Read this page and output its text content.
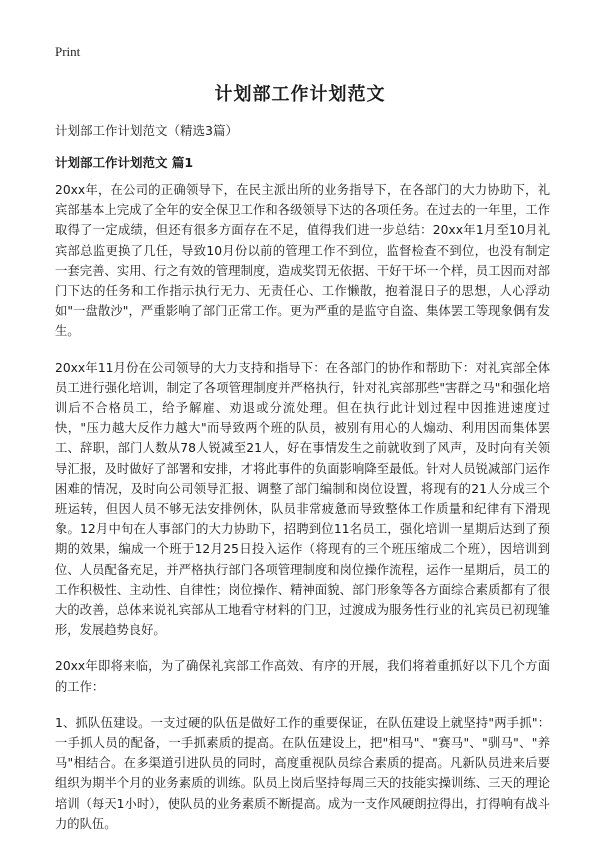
Print
计划部工作计划范文
计划部工作计划范文（精选3篇）
计划部工作计划范文 篇1

20xx年，在公司的正确领导下，在民主派出所的业务指导下，在各部门的大力协助下，礼宾部基本上完成了全年的安全保卫工作和各级领导下达的各项任务。在过去的一年里，工作取得了一定成绩，但还有很多方面存在不足，值得我们进一步总结：20xx年1月至10月礼宾部总监更换了几任，导致10月份以前的管理工作不到位，监督检查不到位，也没有制定一套完善、实用、行之有效的管理制度，造成奖罚无依据、干好干坏一个样，员工因而对部门下达的任务和工作指示执行无力、无责任心、工作懒散，抱着混日子的思想，人心浮动如"一盘散沙"，严重影响了部门正常工作。更为严重的是监守自盗、集体罢工等现象偶有发生。

20xx年11月份在公司领导的大力支持和指导下：在各部门的协作和帮助下：对礼宾部全体员工进行强化培训，制定了各项管理制度并严格执行，针对礼宾部那些"害群之马"和强化培训后不合格员工，给予解雇、劝退或分流处理。但在执行此计划过程中因推进速度过快，"压力越大反作力越大"而导致两个班的队员，被别有用心的人煽动、利用因而集体罢工、辞职，部门人数从78人锐减至21人，好在事情发生之前就收到了风声，及时向有关领导汇报，及时做好了部署和安排，才将此事件的负面影响降至最低。针对人员锐减部门运作困难的情况，及时向公司领导汇报、调整了部门编制和岗位设置，将现有的21人分成三个班运转，但因人员不够无法安排例休，队员非常疲惫而导致整体工作质量和纪律有下滑现象。12月中旬在人事部门的大力协助下，招聘到位11名员工，强化培训一星期后达到了预期的效果，编成一个班于12月25日投入运作（将现有的三个班压缩成二个班），因培训到位、人员配备充足，并严格执行部门各项管理制度和岗位操作流程，运作一星期后，员工的工作积极性、主动性、自律性；岗位操作、精神面貌、部门形象等各方面综合素质都有了很大的改善，总体来说礼宾部从工地看守材料的门卫，过渡成为服务性行业的礼宾员已初现雏形，发展趋势良好。

20xx年即将来临，为了确保礼宾部工作高效、有序的开展，我们将着重抓好以下几个方面的工作：

1、抓队伍建设。一支过硬的队伍是做好工作的重要保证，在队伍建设上就坚持"两手抓"：一手抓人员的配备，一手抓素质的提高。在队伍建设上，把"相马"、"赛马"、"驯马"、"养马"相结合。在多渠道引进队员的同时，高度重视队员综合素质的提高。凡新队员进来后要组织为期半个月的业务素质的训练。队员上岗后坚持每周三天的技能实操训练、三天的理论培训（每天1小时），使队员的业务素质不断提高。成为一支作风硬朗拉得出，打得响有战斗力的队伍。
